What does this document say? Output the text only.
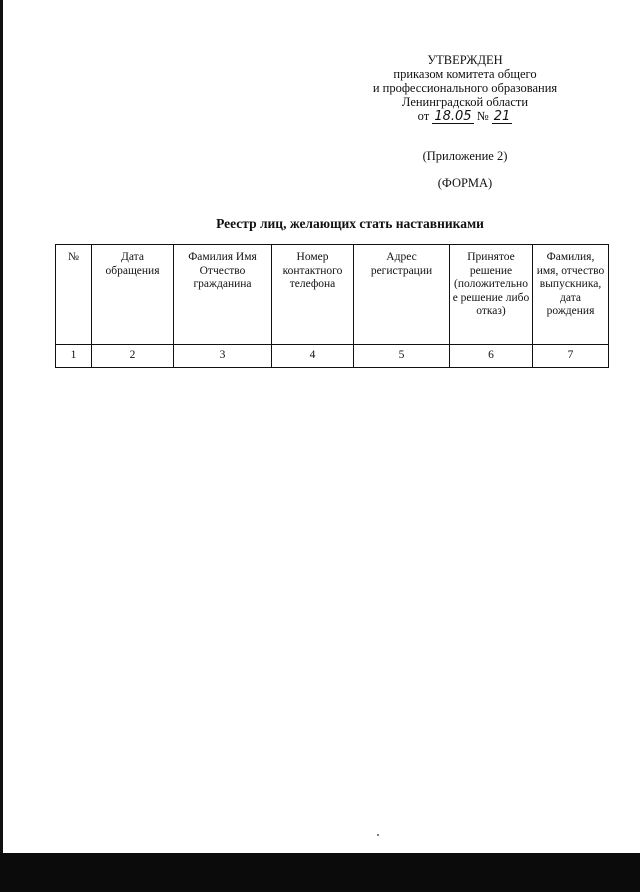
УТВЕРЖДЕН
приказом комитета общего
и профессионального образования
Ленинградской области
от 18.05 № 21
(Приложение 2)
(ФОРМА)
Реестр лиц, желающих стать наставниками
№	Дата обращения	Фамилия Имя Отчество гражданина	Номер контактного телефона	Адрес регистрации	Принятое решение (положительное решение либо отказ)	Фамилия, имя, отчество выпускника, дата рождения
1	2	3	4	5	6	7
